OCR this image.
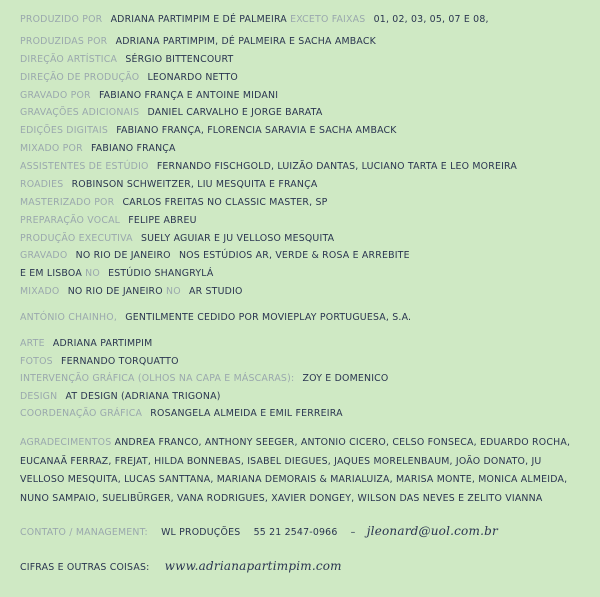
PRODUZIDO POR ADRIANA PARTIMPIM E DÉ PALMEIRA EXCETO FAIXAS 01, 02, 03, 05, 07 E 08,
PRODUZIDAS POR ADRIANA PARTIMPIM, DÉ PALMEIRA E SACHA AMBACK
DIREÇÃO ARTÍSTICA SÉRGIO BITTENCOURT
DIREÇÃO DE PRODUÇÃO LEONARDO NETTO
GRAVADO POR FABIANO FRANÇA E ANTOINE MIDANI
GRAVAÇÕES ADICIONAIS DANIEL CARVALHO E JORGE BARATA
EDIÇÕES DIGITAIS FABIANO FRANÇA, FLORENCIA SARAVIA E SACHA AMBACK
MIXADO POR FABIANO FRANÇA
ASSISTENTES DE ESTÚDIO FERNANDO FISCHGOLD, LUIZÃO DANTAS, LUCIANO TARTA E LEO MOREIRA
ROADIES ROBINSON SCHWEITZER, LIU MESQUITA E FRANÇA
MASTERIZADO POR CARLOS FREITAS NO CLASSIC MASTER, SP
PREPARAÇÃO VOCAL FELIPE ABREU
PRODUÇÃO EXECUTIVA SUELY AGUIAR E JU VELLOSO MESQUITA
GRAVADO NO RIO DE JANEIRO NOS ESTÚDIOS AR, VERDE & ROSA E ARREBITE
E EM LISBOA NO ESTÚDIO SHANGRYLÁ
MIXADO NO RIO DE JANEIRO NO AR STUDIO
ANTÓNIO CHAINHO, GENTILMENTE CEDIDO POR MOVIEPLAY PORTUGUESA, S.A.
ARTE ADRIANA PARTIMPIM
FOTOS FERNANDO TORQUATTO
INTERVENÇÃO GRÁFICA (OLHOS NA CAPA E MÁSCARAS): ZOY E DOMENICO
DESIGN AT DESIGN (ADRIANA TRIGONA)
COORDENAÇÃO GRÁFICA ROSANGELA ALMEIDA E EMIL FERREIRA
AGRADECIMENTOS ANDREA FRANCO, ANTHONY SEEGER, ANTONIO CICERO, CELSO FONSECA, EDUARDO ROCHA, EUCANAÃ FERRAZ, FREJAT, HILDA BONNEBAS, ISABEL DIEGUES, JAQUES MORELENBAUM, JOÃO DONATO, JU VELLOSO MESQUITA, LUCAS SANTTANA, MARIANA DEMORAIS & MARIALUIZA, MARISA MONTE, MONICA ALMEIDA, NUNO SAMPAIO, SUELIBÜRGER, VANA RODRIGUES, XAVIER DONGEY, WILSON DAS NEVES E ZELITO VIANNA
CONTATO / MANAGEMENT: WL PRODUÇÕES 55 21 2547-0966 – jleonard@uol.com.br
CIFRAS E OUTRAS COISAS: www.adrianapartimpim.com
